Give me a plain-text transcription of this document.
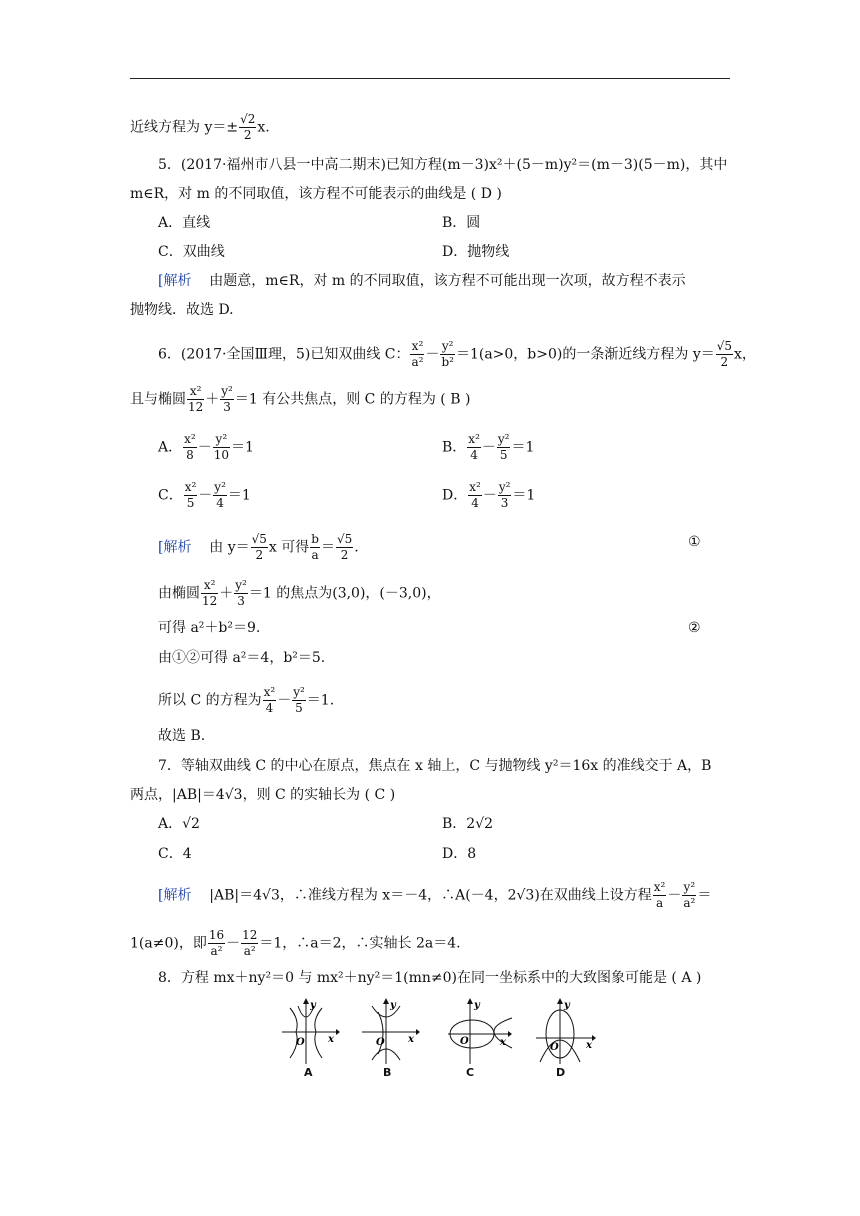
近线方程为 $y=\pm \frac{√2}{2} x$.
5．(2017·福州市八县一中高二期末)已知方程(m－3)x²＋(5－m)y²＝(m－3)(5－m)，其中
m∈R，对 m 的不同取值，该方程不可能表示的曲线是 ( D )
A．直线	B．圆
C．双曲线	D．抛物线
[解析 由题意，m∈R，对 m 的不同取值，该方程不可能出现一次项，故方程不表示
抛物线．故选 D.
6．(2017·全国Ⅲ理，5)已知双曲线 C： $\frac{\text{x²}}{\text{a²}} - \frac{\text{y²}}{\text{b²}} =1(a>0$，b>0)的一条渐近线方程为 $y= \frac{√5}{2}$ x，
且与椭圆 $\frac{\text{x²}}{12} + \frac{\text{y²}}{3} =1$ 有公共焦点，则 C 的方程为 ( B )
A． $\frac{\text{x²}}{8} - \frac{\text{y²}}{10} =1$	B． $\frac{\text{x²}}{4} - \frac{\text{y²}}{5} =1$
C． $\frac{\text{x²}}{5} - \frac{\text{y²}}{4} =1$	D． $\frac{\text{x²}}{4} - \frac{\text{y²}}{3} =1$
[解析 由 $y= \frac{√5}{2}$ x 可得 $\frac{b}{a} = \frac{√5}{2}$ .	①
由椭圆 $\frac{\text{x²}}{12} + \frac{\text{y²}}{3} =1$ 的焦点为(3,0)，(－3,0)，
可得 a²＋b²＝9.	②
由①②可得 a²＝4，b²＝5.
所以 C 的方程为 $\frac{\text{x²}}{4} - \frac{\text{y²}}{5} =1$.
故选 B.
7．等轴双曲线 C 的中心在原点，焦点在 x 轴上，C 与抛物线 y²＝16x 的准线交于 A，B
两点，|AB|＝4√3，则 C 的实轴长为 ( C )
A．√2	B．2√2
C．4	D．8
[解析 |AB|＝4√3，∴准线方程为 x＝－4，∴A(－4，2√3)在双曲线上设方程 $\frac{\text{x²}}{a} - \frac{\text{y²}}{\text{a²}}$ ＝
1(a≠0)，即 $\frac{16}{\text{a²}} - \frac{12}{\text{a²}} =1$，∴a＝2，∴实轴长 2a＝4.
8．方程 mx＋ny²＝0 与 mx²＋ny²＝1(mn≠0)在同一坐标系中的大致图象可能是 ( A )
y
x
O
y
x
O
y
x
O
y
x
O
A	B	C	D
